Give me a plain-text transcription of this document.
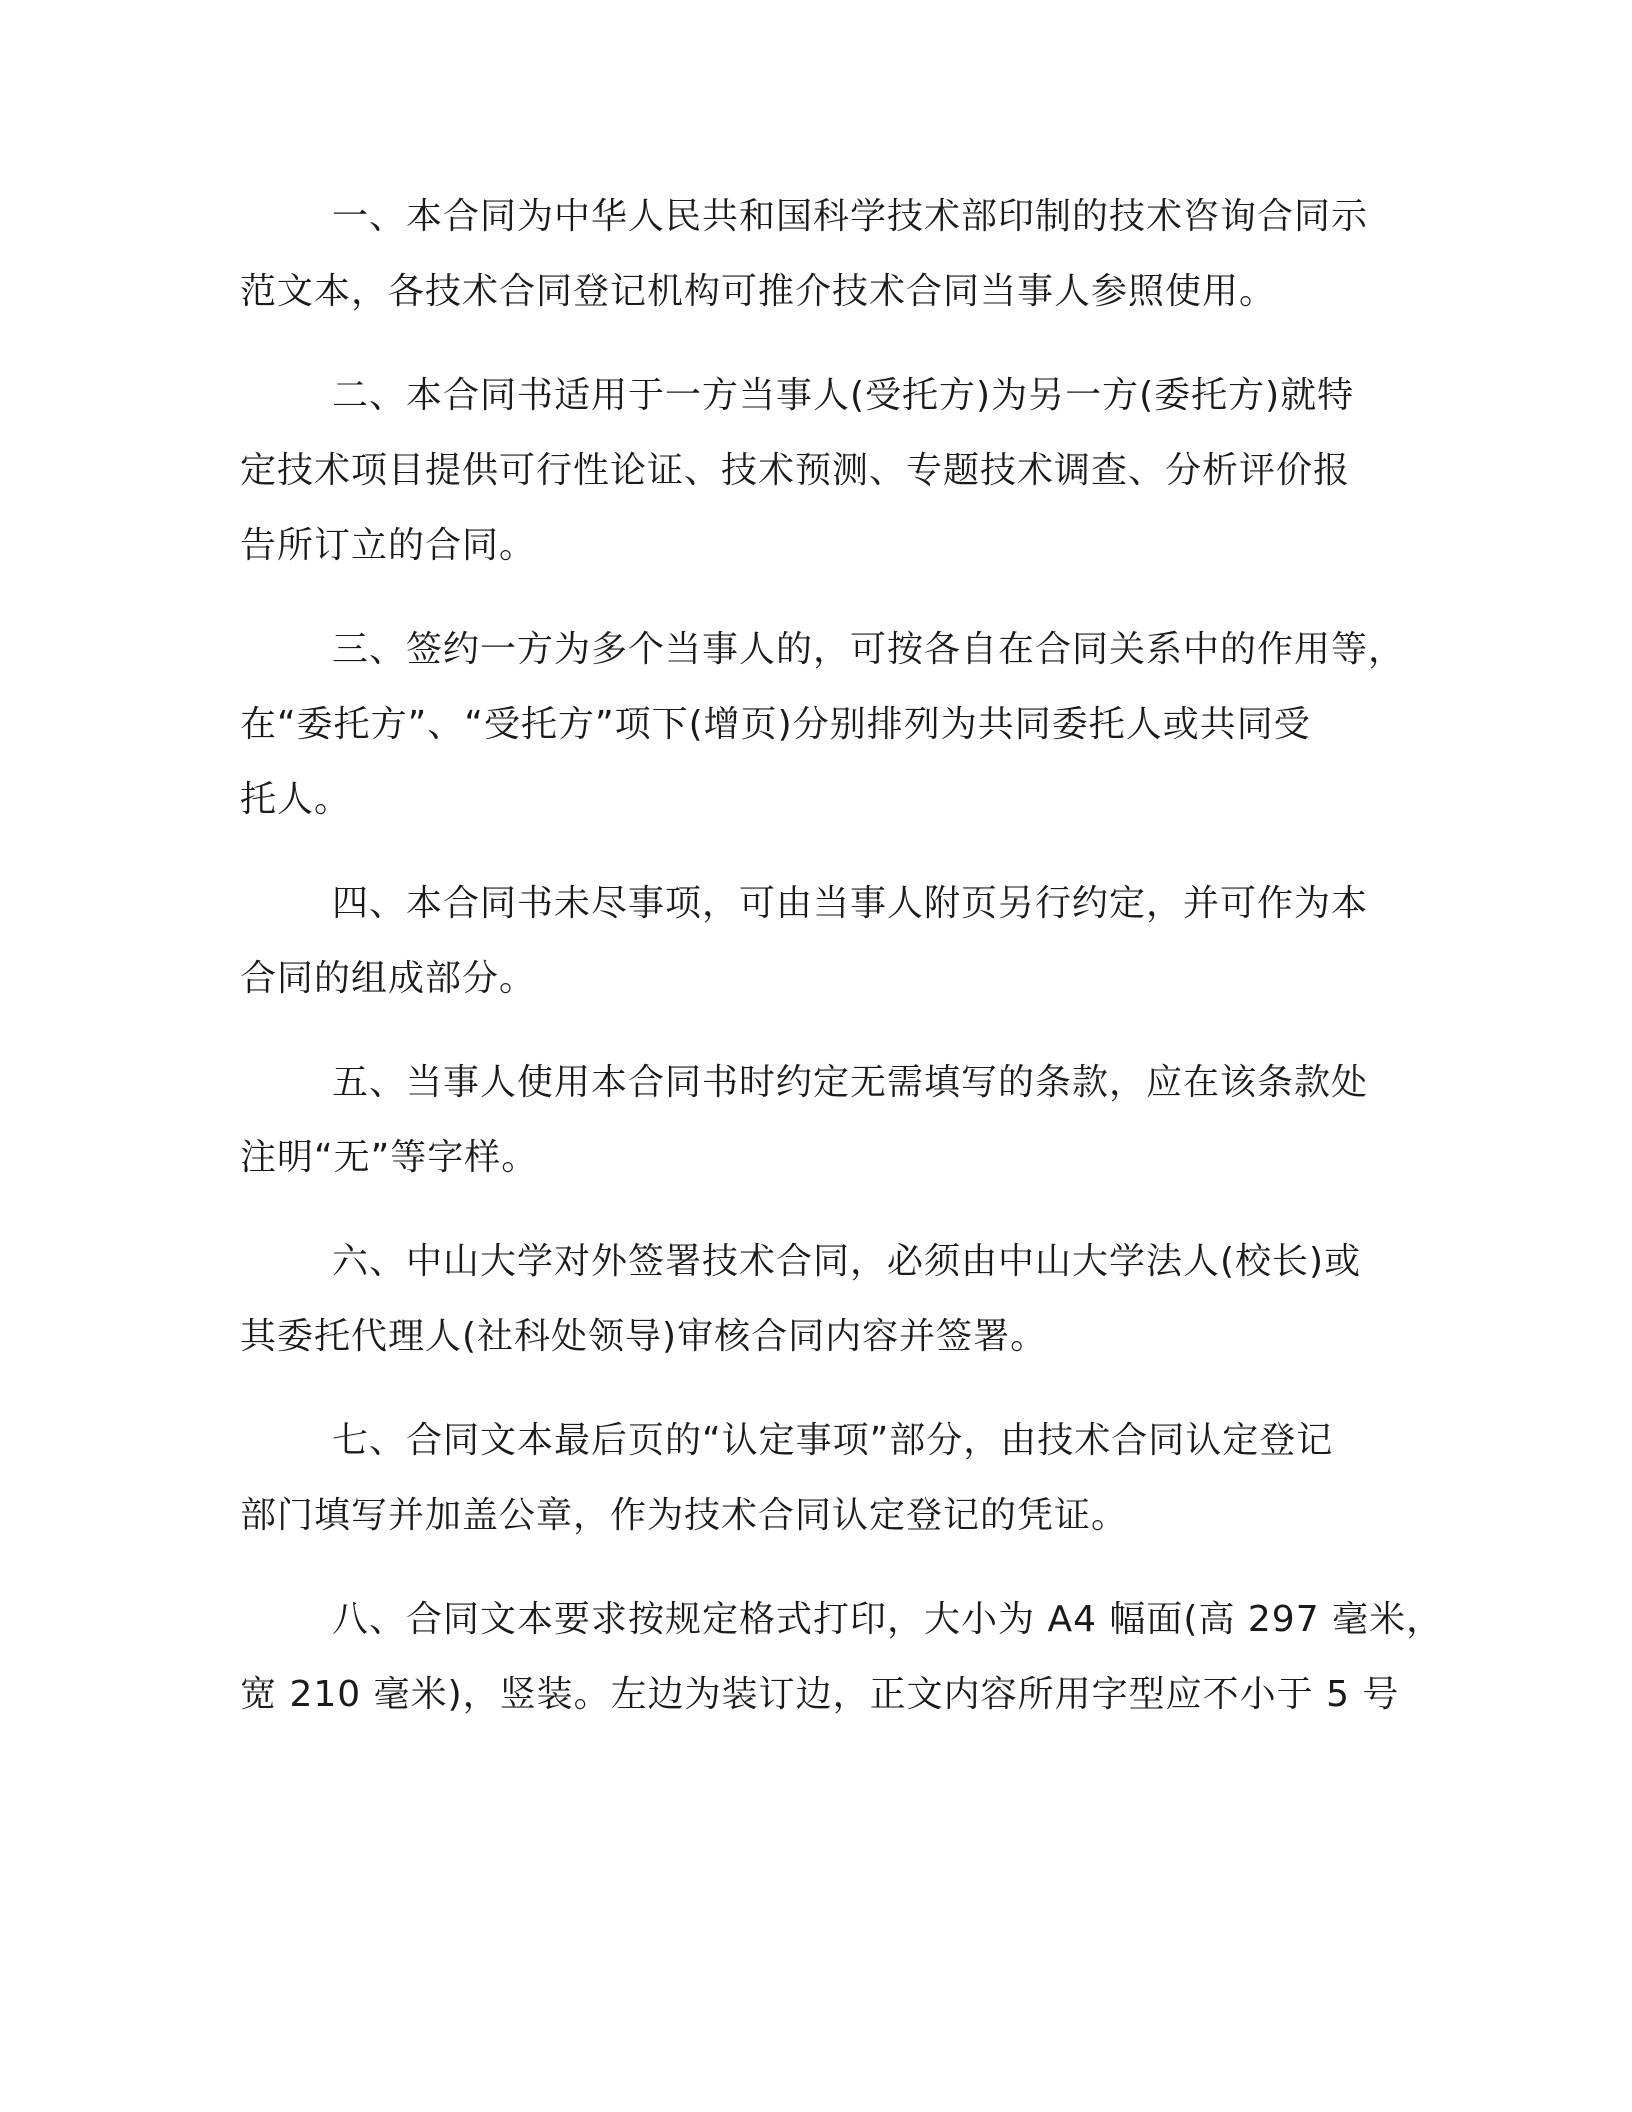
一、本合同为中华人民共和国科学技术部印制的技术咨询合同示
范文本，各技术合同登记机构可推介技术合同当事人参照使用。
二、本合同书适用于一方当事人(受托方)为另一方(委托方)就特
定技术项目提供可行性论证、技术预测、专题技术调查、分析评价报
告所订立的合同。
三、签约一方为多个当事人的，可按各自在合同关系中的作用等，
在“委托方”、“受托方”项下(增页)分别排列为共同委托人或共同受
托人。
四、本合同书未尽事项，可由当事人附页另行约定，并可作为本
合同的组成部分。
五、当事人使用本合同书时约定无需填写的条款，应在该条款处
注明“无”等字样。
六、中山大学对外签署技术合同，必须由中山大学法人(校长)或
其委托代理人(社科处领导)审核合同内容并签署。
七、合同文本最后页的“认定事项”部分，由技术合同认定登记
部门填写并加盖公章，作为技术合同认定登记的凭证。
八、合同文本要求按规定格式打印，大小为 A4 幅面(高 297 毫米，
宽 210 毫米)，竖装。左边为装订边，正文内容所用字型应不小于 5 号
